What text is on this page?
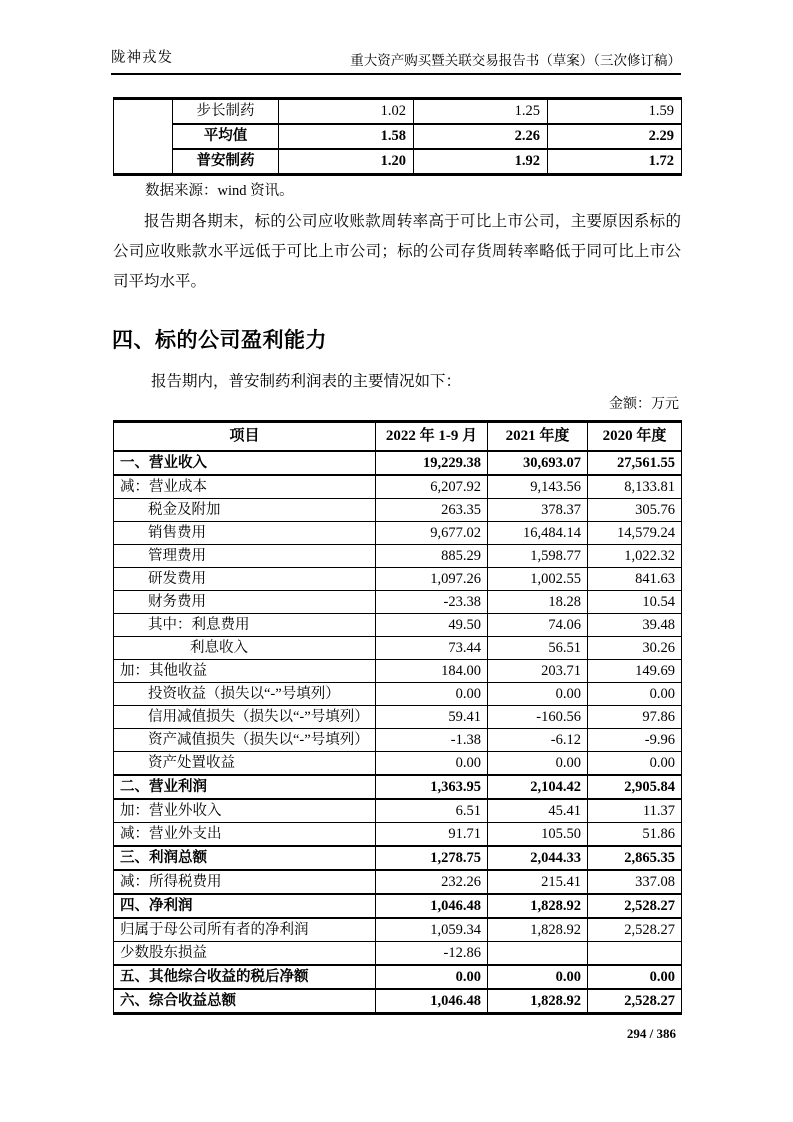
陇神戎发	重大资产购买暨关联交易报告书（草案）（三次修订稿）
	步长制药	1.02	1.25	1.59
	平均值	1.58	2.26	2.29
	普安制药	1.20	1.92	1.72
数据来源：wind 资讯。
报告期各期末，标的公司应收账款周转率高于可比上市公司，主要原因系标的公司应收账款水平远低于可比上市公司；标的公司存货周转率略低于同可比上市公司平均水平。
四、标的公司盈利能力
报告期内，普安制药利润表的主要情况如下：
金额：万元
项目	2022 年 1-9 月	2021 年度	2020 年度
一、营业收入	19,229.38	30,693.07	27,561.55
减：营业成本	6,207.92	9,143.56	8,133.81
税金及附加	263.35	378.37	305.76
销售费用	9,677.02	16,484.14	14,579.24
管理费用	885.29	1,598.77	1,022.32
研发费用	1,097.26	1,002.55	841.63
财务费用	-23.38	18.28	10.54
其中：利息费用	49.50	74.06	39.48
利息收入	73.44	56.51	30.26
加：其他收益	184.00	203.71	149.69
投资收益（损失以“-”号填列）	0.00	0.00	0.00
信用减值损失（损失以“-”号填列）	59.41	-160.56	97.86
资产减值损失（损失以“-”号填列）	-1.38	-6.12	-9.96
资产处置收益	0.00	0.00	0.00
二、营业利润	1,363.95	2,104.42	2,905.84
加：营业外收入	6.51	45.41	11.37
减：营业外支出	91.71	105.50	51.86
三、利润总额	1,278.75	2,044.33	2,865.35
减：所得税费用	232.26	215.41	337.08
四、净利润	1,046.48	1,828.92	2,528.27
归属于母公司所有者的净利润	1,059.34	1,828.92	2,528.27
少数股东损益	-12.86		
五、其他综合收益的税后净额	0.00	0.00	0.00
六、综合收益总额	1,046.48	1,828.92	2,528.27
294 / 386
